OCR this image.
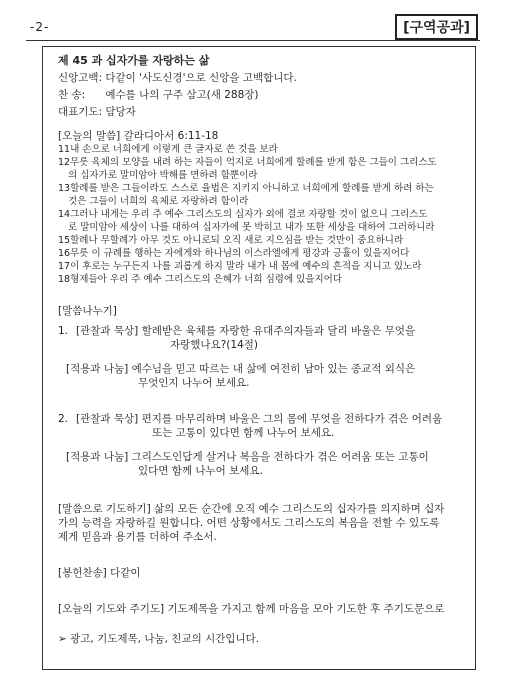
-2-	[구역공과]
제 45 과 십자가를 자랑하는 삶
신앙고백: 다같이 '사도신경'으로 신앙을 고백합니다.
찬 송: 예수를 나의 구주 삼고(새 288장)
대표기도: 담당자
[오늘의 말씀] 갈라디아서 6:11-18
11내 손으로 너희에게 이렇게 큰 글자로 쓴 것을 보라
12무릇 육체의 모양을 내려 하는 자들이 억지로 너희에게 할례를 받게 함은 그들이 그리스도
의 십자가로 말미암아 박해를 면하려 함뿐이라
13할례를 받은 그들이라도 스스로 율법은 지키지 아니하고 너희에게 할례를 받게 하려 하는
것은 그들이 너희의 육체로 자랑하려 함이라
14그러나 내게는 우리 주 예수 그리스도의 십자가 외에 결코 자랑할 것이 없으니 그리스도
로 말미암아 세상이 나를 대하여 십자가에 못 박히고 내가 또한 세상을 대하여 그러하니라
15할례나 무할례가 아무 것도 아니로되 오직 새로 지으심을 받는 것만이 중요하니라
16무릇 이 규례를 행하는 자에게와 하나님의 이스라엘에게 평강과 긍휼이 있을지어다
17이 후로는 누구든지 나를 괴롭게 하지 말라 내가 내 몸에 예수의 흔적을 지니고 있노라
18형제들아 우리 주 예수 그리스도의 은혜가 너희 심령에 있을지어다
[말씀나누기]
1. [관찰과 묵상] 할례받은 육체를 자랑한 유대주의자들과 달리 바울은 무엇을
자랑했나요?(14절)
[적용과 나눔] 예수님을 믿고 따르는 내 삶에 여전히 남아 있는 종교적 외식은
무엇인지 나누어 보세요.
2. [관찰과 묵상] 편지를 마무리하며 바울은 그의 몸에 무엇을 전하다가 겪은 어려움
또는 고통이 있다면 함께 나누어 보세요.
[적용과 나눔] 그리스도인답게 살거나 복음을 전하다가 겪은 어려움 또는 고통이
있다면 함께 나누어 보세요.
[말씀으로 기도하기] 삶의 모든 순간에 오직 예수 그리스도의 십자가를 의지하며 십자가의 능력을 자랑하길 원합니다. 어떤 상황에서도 그리스도의 복음을 전할 수 있도록 제게 믿음과 용기를 더하여 주소서.
[봉헌찬송] 다같이
[오늘의 기도와 주기도] 기도제목을 가지고 함께 마음을 모아 기도한 후 주기도문으로
➢ 광고, 기도제목, 나눔, 친교의 시간입니다.
